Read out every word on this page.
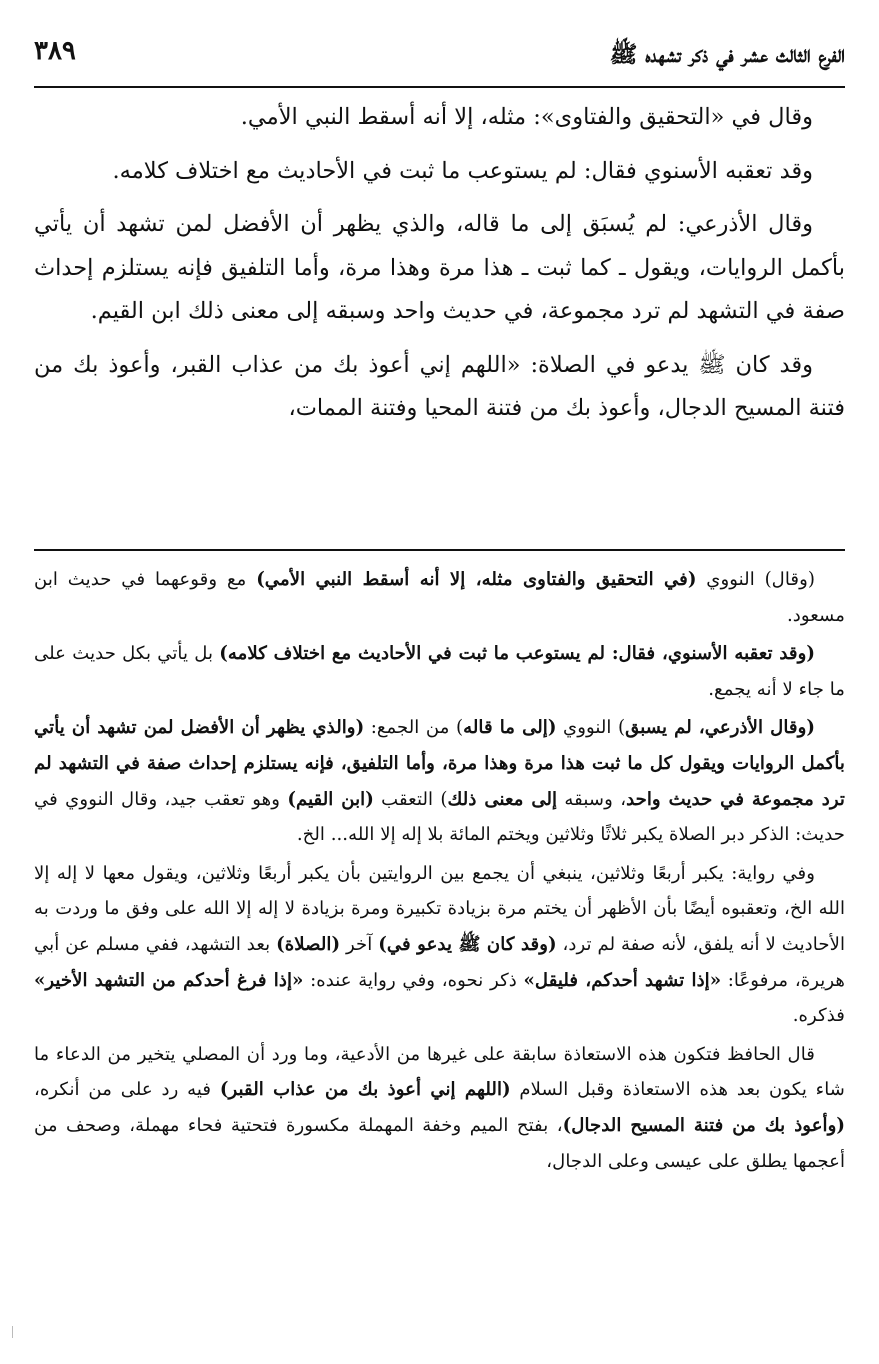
الفرع الثالث عشر في ذكر تشهده ﷺ
٣٨٩

وقال في «التحقيق والفتاوى»: مثله، إلا أنه أسقط النبي الأمي.

وقد تعقبه الأسنوي فقال: لم يستوعب ما ثبت في الأحاديث مع اختلاف كلامه.

وقال الأذرعي: لم يُسبَق إلى ما قاله، والذي يظهر أن الأفضل لمن تشهد أن يأتي بأكمل الروايات، ويقول ـ كما ثبت ـ هذا مرة وهذا مرة، وأما التلفيق فإنه يستلزم إحداث صفة في التشهد لم ترد مجموعة، في حديث واحد وسبقه إلى معنى ذلك ابن القيم.

وقد كان ﷺ يدعو في الصلاة: «اللهم إني أعوذ بك من عذاب القبر، وأعوذ بك من فتنة المسيح الدجال، وأعوذ بك من فتنة المحيا وفتنة الممات،

(وقال) النووي (في التحقيق والفتاوى مثله، إلا أنه أسقط النبي الأمي) مع وقوعهما في حديث ابن مسعود.

(وقد تعقبه الأسنوي، فقال: لم يستوعب ما ثبت في الأحاديث مع اختلاف كلامه) بل يأتي بكل حديث على ما جاء لا أنه يجمع.

(وقال الأذرعي، لم يسبق) النووي (إلى ما قاله) من الجمع: (والذي يظهر أن الأفضل لمن تشهد أن يأتي بأكمل الروايات ويقول كل ما ثبت هذا مرة وهذا مرة، وأما التلفيق، فإنه يستلزم إحداث صفة في التشهد لم ترد مجموعة في حديث واحد، وسبقه إلى معنى ذلك) التعقب (ابن القيم) وهو تعقب جيد، وقال النووي في حديث: الذكر دبر الصلاة يكبر ثلاثًا وثلاثين ويختم المائة بلا إله إلا الله... الخ.

وفي رواية: يكبر أربعًا وثلاثين، ينبغي أن يجمع بين الروايتين بأن يكبر أربعًا وثلاثين، ويقول معها لا إله إلا الله الخ، وتعقبوه أيضًا بأن الأظهر أن يختم مرة بزيادة تكبيرة ومرة بزيادة لا إله إلا الله على وفق ما وردت به الأحاديث لا أنه يلفق، لأنه صفة لم ترد، (وقد كان ﷺ يدعو في) آخر (الصلاة) بعد التشهد، ففي مسلم عن أبي هريرة، مرفوعًا: «إذا تشهد أحدكم، فليقل» ذكر نحوه، وفي رواية عنده: «إذا فرغ أحدكم من التشهد الأخير» فذكره.

قال الحافظ فتكون هذه الاستعاذة سابقة على غيرها من الأدعية، وما ورد أن المصلي يتخير من الدعاء ما شاء يكون بعد هذه الاستعاذة وقبل السلام (اللهم إني أعوذ بك من عذاب القبر) فيه رد على من أنكره، (وأعوذ بك من فتنة المسيح الدجال)، بفتح الميم وخفة المهملة مكسورة فتحتية فحاء مهملة، وصحف من أعجمها يطلق على عيسى وعلى الدجال،
